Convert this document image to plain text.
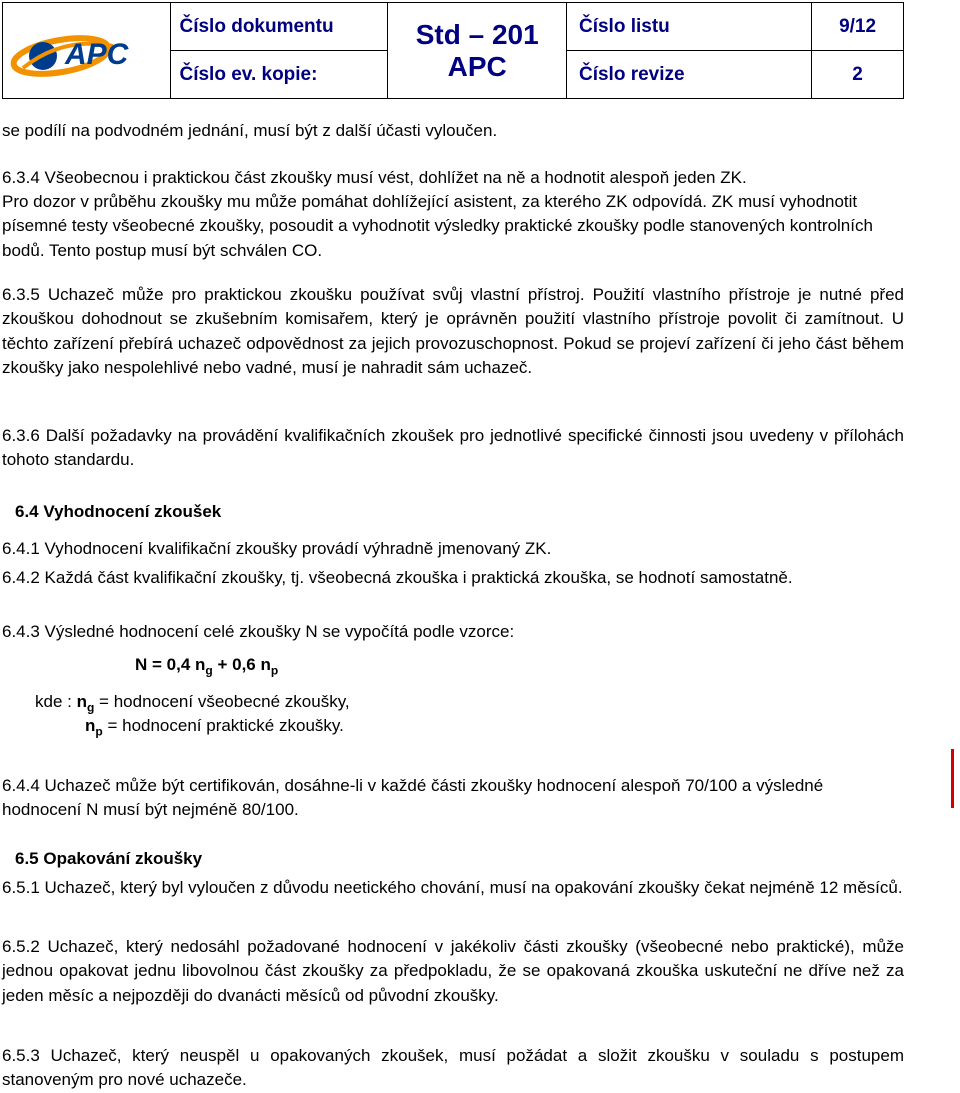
APC	Číslo dokumentu	Std – 201 APC	Číslo listu	9/12
	Číslo ev. kopie:		Číslo revize	2

se podílí na podvodném jednání, musí být z další účasti vyloučen.

6.3.4 Všeobecnou i praktickou část zkoušky musí vést, dohlížet na ně a hodnotit alespoň jeden ZK.

Pro dozor v průběhu zkoušky mu může pomáhat dohlížející asistent, za kterého ZK odpovídá. ZK musí vyhodnotit písemné testy všeobecné zkoušky, posoudit a vyhodnotit výsledky praktické zkoušky podle stanovených kontrolních bodů. Tento postup musí být schválen CO.

6.3.5 Uchazeč může pro praktickou zkoušku používat svůj vlastní přístroj. Použití vlastního přístroje je nutné před zkouškou dohodnout se zkušebním komisařem, který je oprávněn použití vlastního přístroje povolit či zamítnout. U těchto zařízení přebírá uchazeč odpovědnost za jejich provozuschopnost. Pokud se projeví zařízení či jeho část během zkoušky jako nespolehlivé nebo vadné, musí je nahradit sám uchazeč.

6.3.6 Další požadavky na provádění kvalifikačních zkoušek pro jednotlivé specifické činnosti jsou uvedeny v přílohách tohoto standardu.

6.4 Vyhodnocení zkoušek

6.4.1 Vyhodnocení kvalifikační zkoušky provádí výhradně jmenovaný ZK.

6.4.2 Každá část kvalifikační zkoušky, tj. všeobecná zkouška i praktická zkouška, se hodnotí samostatně.

6.4.3 Výsledné hodnocení celé zkoušky N se vypočítá podle vzorce:

N = 0,4 $n_g + 0,6$ $n_p$
kde : $n_g$ = hodnocení všeobecné zkoušky,
$n_p$ = hodnocení praktické zkoušky.

6.4.4 Uchazeč může být certifikován, dosáhne-li v každé části zkoušky hodnocení alespoň 70/100 a výsledné hodnocení N musí být nejméně 80/100.

6.5 Opakování zkoušky

6.5.1 Uchazeč, který byl vyloučen z důvodu neetického chování, musí na opakování zkoušky čekat nejméně 12 měsíců.

6.5.2 Uchazeč, který nedosáhl požadované hodnocení v jakékoliv části zkoušky (všeobecné nebo praktické), může jednou opakovat jednu libovolnou část zkoušky za předpokladu, že se opakovaná zkouška uskuteční ne dříve než za jeden měsíc a nejpozději do dvanácti měsíců od původní zkoušky.

6.5.3 Uchazeč, který neuspěl u opakovaných zkoušek, musí požádat a složit zkoušku v souladu s postupem stanoveným pro nové uchazeče.
